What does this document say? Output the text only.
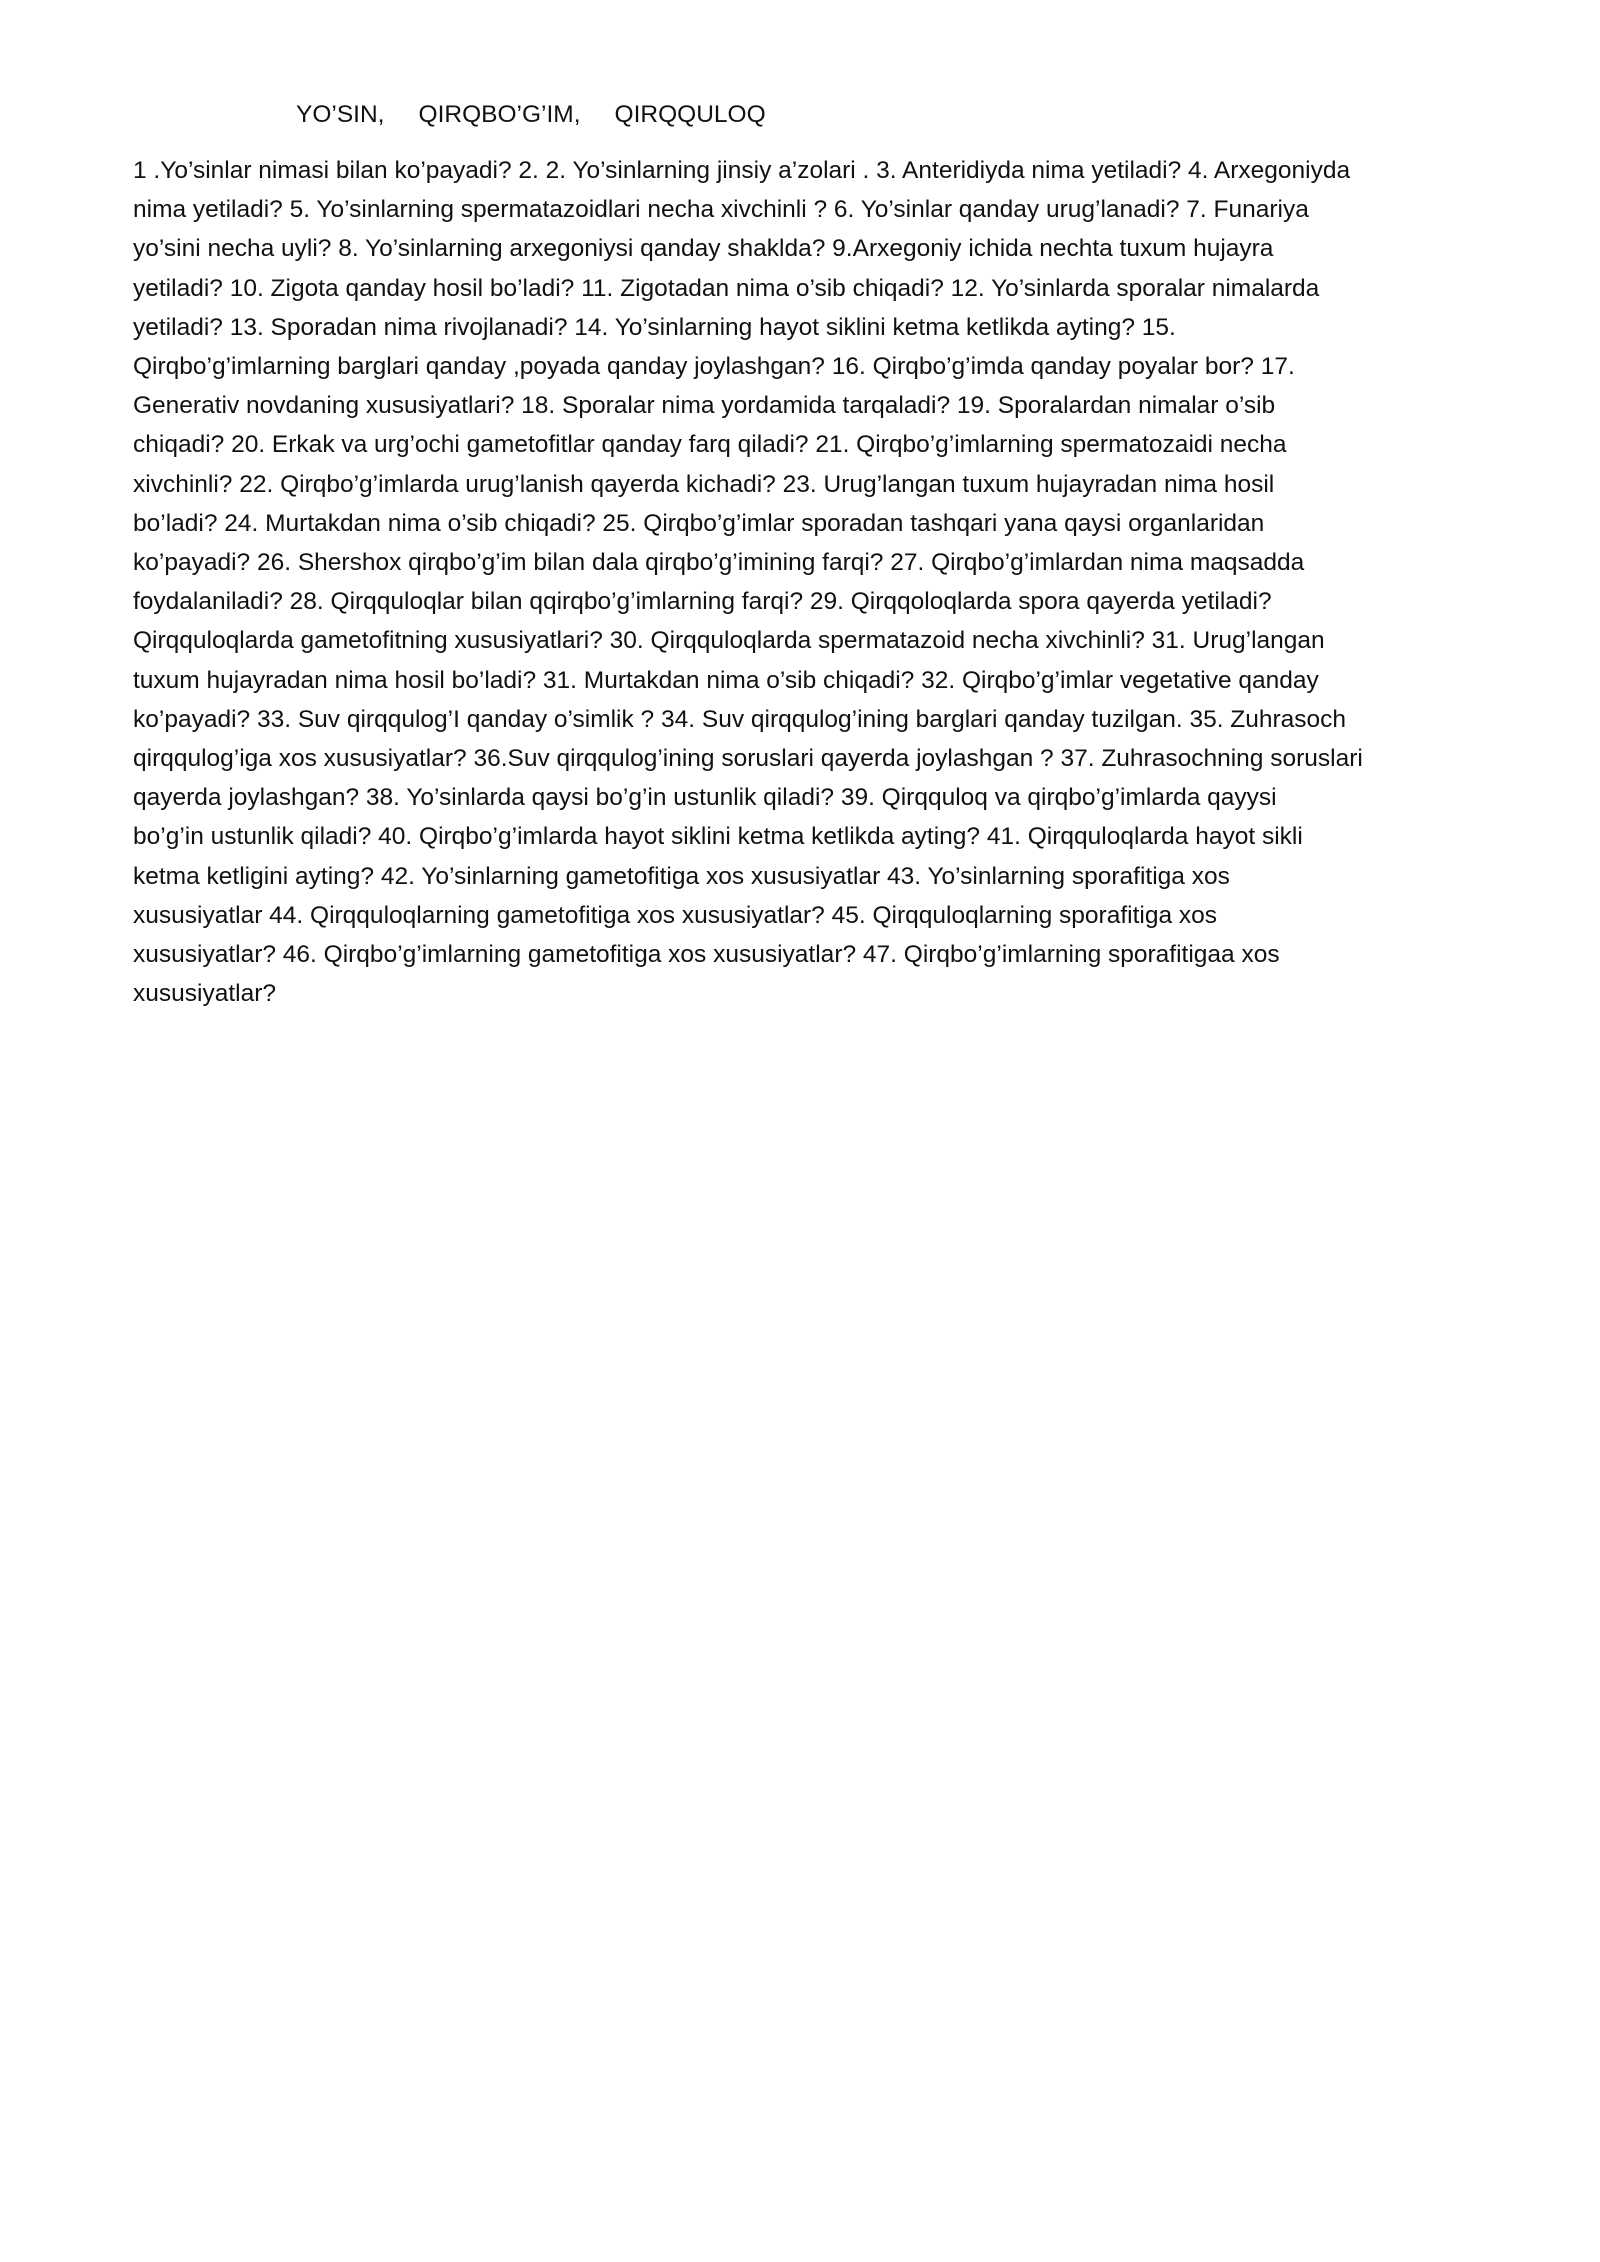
YO’SIN,     QIRQBO’G’IM,     QIRQQULOQ

1 .Yo’sinlar nimasi bilan ko’payadi? 2. 2. Yo’sinlarning jinsiy a’zolari . 3. Anteridiyda nima yetiladi? 4. Arxegoniyda
nima yetiladi? 5. Yo’sinlarning spermatazoidlari necha xivchinli ? 6. Yo’sinlar qanday urug’lanadi? 7. Funariya
yo’sini necha uyli? 8. Yo’sinlarning arxegoniysi qanday shaklda? 9.Arxegoniy ichida nechta tuxum hujayra
yetiladi? 10. Zigota qanday hosil bo’ladi? 11. Zigotadan nima o’sib chiqadi? 12. Yo’sinlarda sporalar nimalarda
yetiladi? 13. Sporadan nima rivojlanadi? 14. Yo’sinlarning hayot siklini ketma ketlikda ayting? 15.
Qirqbo’g’imlarning barglari qanday ,poyada qanday joylashgan? 16. Qirqbo’g’imda qanday poyalar bor? 17.
Generativ novdaning xususiyatlari? 18. Sporalar nima yordamida tarqaladi? 19. Sporalardan nimalar o’sib
chiqadi? 20. Erkak va urg’ochi gametofitlar qanday farq qiladi? 21. Qirqbo’g’imlarning spermatozaidi necha
xivchinli? 22. Qirqbo’g’imlarda urug’lanish qayerda kichadi? 23. Urug’langan tuxum hujayradan nima hosil
bo’ladi? 24. Murtakdan nima o’sib chiqadi? 25. Qirqbo’g’imlar sporadan tashqari yana qaysi organlaridan
ko’payadi? 26. Shershox qirqbo’g’im bilan dala qirqbo’g’imining farqi? 27. Qirqbo’g’imlardan nima maqsadda
foydalaniladi? 28. Qirqquloqlar bilan qqirqbo’g’imlarning farqi? 29. Qirqqoloqlarda spora qayerda yetiladi?
Qirqquloqlarda gametofitning xususiyatlari? 30. Qirqquloqlarda spermatazoid necha xivchinli? 31. Urug’langan
tuxum hujayradan nima hosil bo’ladi? 31. Murtakdan nima o’sib chiqadi? 32. Qirqbo’g’imlar vegetative qanday
ko’payadi? 33. Suv qirqqulog’I qanday o’simlik ? 34. Suv qirqqulog’ining barglari qanday tuzilgan. 35. Zuhrasoch
qirqqulog’iga xos xususiyatlar? 36.Suv qirqqulog’ining soruslari qayerda joylashgan ? 37. Zuhrasochning soruslari
qayerda joylashgan? 38. Yo’sinlarda qaysi bo’g’in ustunlik qiladi? 39. Qirqquloq va qirqbo’g’imlarda qayysi
bo’g’in ustunlik qiladi? 40. Qirqbo’g’imlarda hayot siklini ketma ketlikda ayting? 41. Qirqquloqlarda hayot sikli
ketma ketligini ayting? 42. Yo’sinlarning gametofitiga xos xususiyatlar 43. Yo’sinlarning sporafitiga xos
xususiyatlar 44. Qirqquloqlarning gametofitiga xos xususiyatlar? 45. Qirqquloqlarning sporafitiga xos
xususiyatlar? 46. Qirqbo’g’imlarning gametofitiga xos xususiyatlar? 47. Qirqbo’g’imlarning sporafitigaa xos
xususiyatlar?
